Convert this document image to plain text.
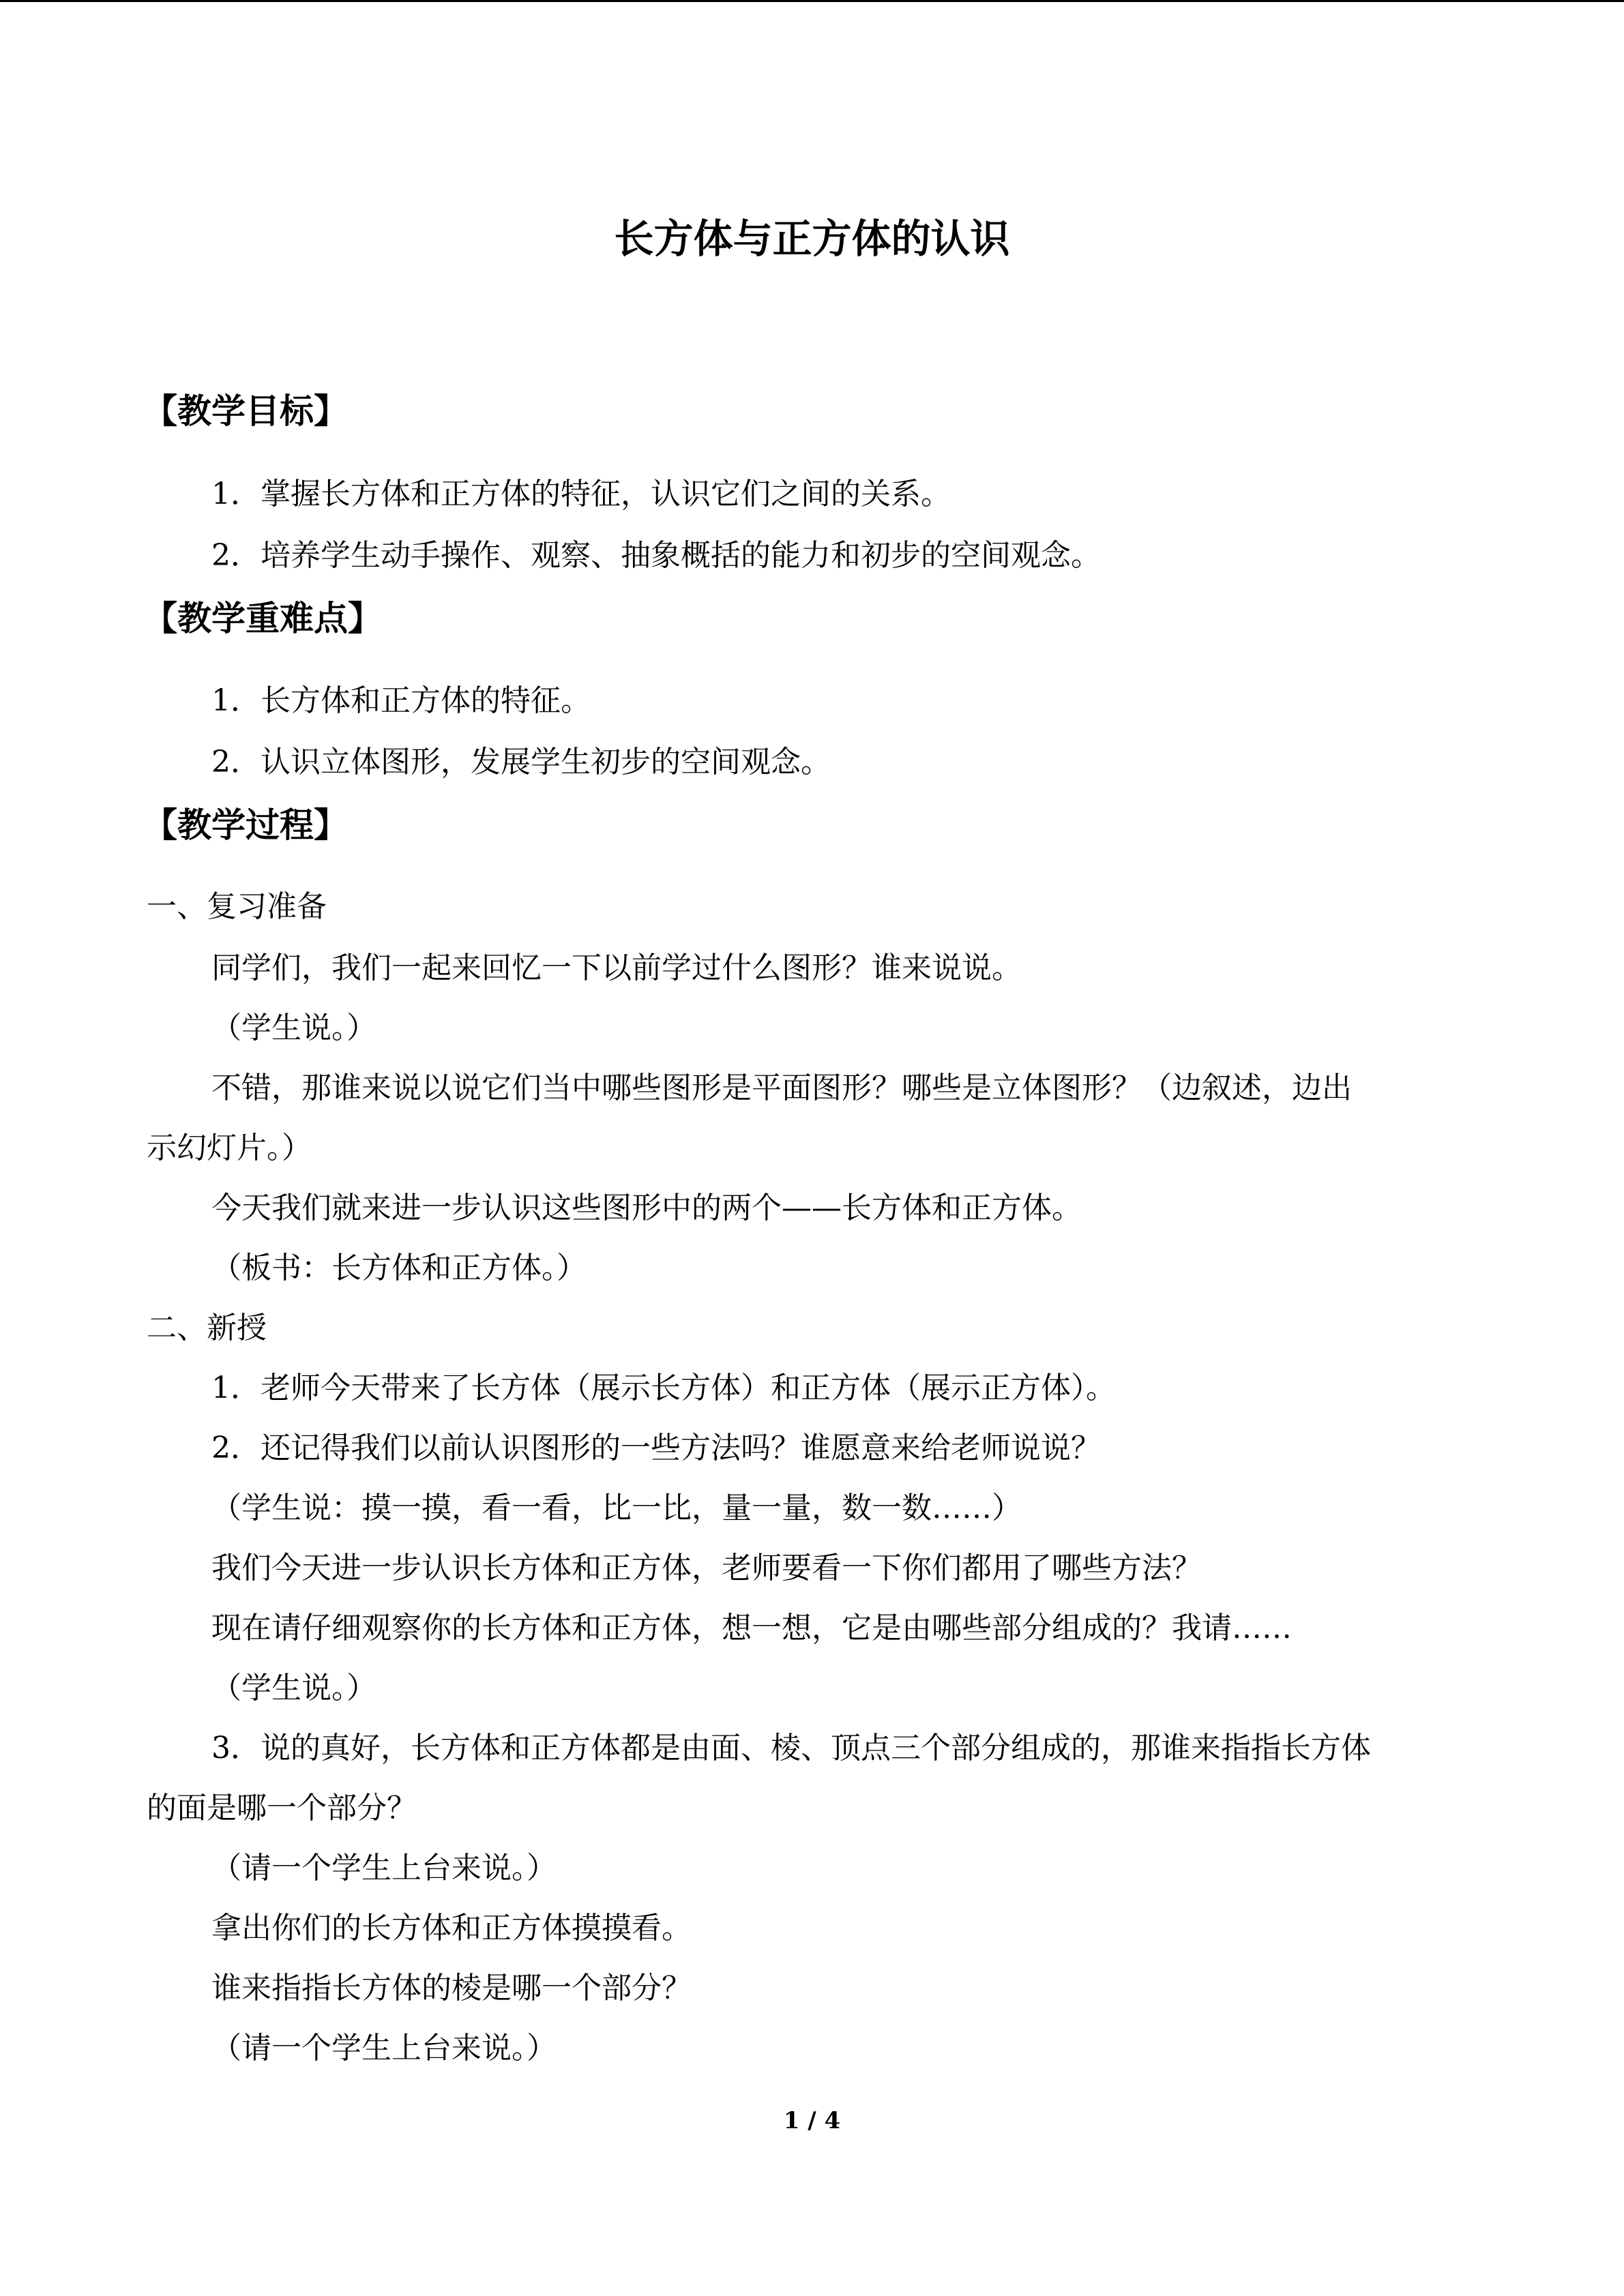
长方体与正方体的认识
【教学目标】

1．掌握长方体和正方体的特征，认识它们之间的关系。

2．培养学生动手操作、观察、抽象概括的能力和初步的空间观念。

【教学重难点】

1．长方体和正方体的特征。

2．认识立体图形，发展学生初步的空间观念。

【教学过程】

一、复习准备

同学们，我们一起来回忆一下以前学过什么图形？谁来说说。

（学生说。）

不错，那谁来说以说它们当中哪些图形是平面图形？哪些是立体图形？（边叙述，边出

示幻灯片。）

今天我们就来进一步认识这些图形中的两个——长方体和正方体。

（板书：长方体和正方体。）

二、新授

1．老师今天带来了长方体（展示长方体）和正方体（展示正方体）。

2．还记得我们以前认识图形的一些方法吗？谁愿意来给老师说说？

（学生说：摸一摸，看一看，比一比，量一量，数一数……）

我们今天进一步认识长方体和正方体，老师要看一下你们都用了哪些方法？

现在请仔细观察你的长方体和正方体，想一想，它是由哪些部分组成的？我请……

（学生说。）

3．说的真好，长方体和正方体都是由面、棱、顶点三个部分组成的，那谁来指指长方体

的面是哪一个部分？

（请一个学生上台来说。）

拿出你们的长方体和正方体摸摸看。

谁来指指长方体的棱是哪一个部分？

（请一个学生上台来说。）

1 / 4
